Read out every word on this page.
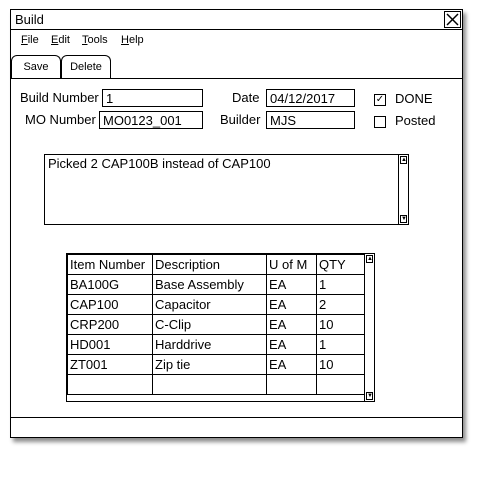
Build
File Edit Tools Help
Save	Delete
Build Number 1
MO Number MO0123_001
Date 04/12/2017
Builder MJS
✓ DONE
Posted
Picked 2 CAP100B instead of CAP100	▲
▼
Item Number	Description	U of M	QTY
BA100G	Base Assembly	EA	1
CAP100	Capacitor	EA	2
CRP200	C-Clip	EA	10
HD001	Harddrive	EA	1
ZT001	Zip tie	EA	10

▲
▼
